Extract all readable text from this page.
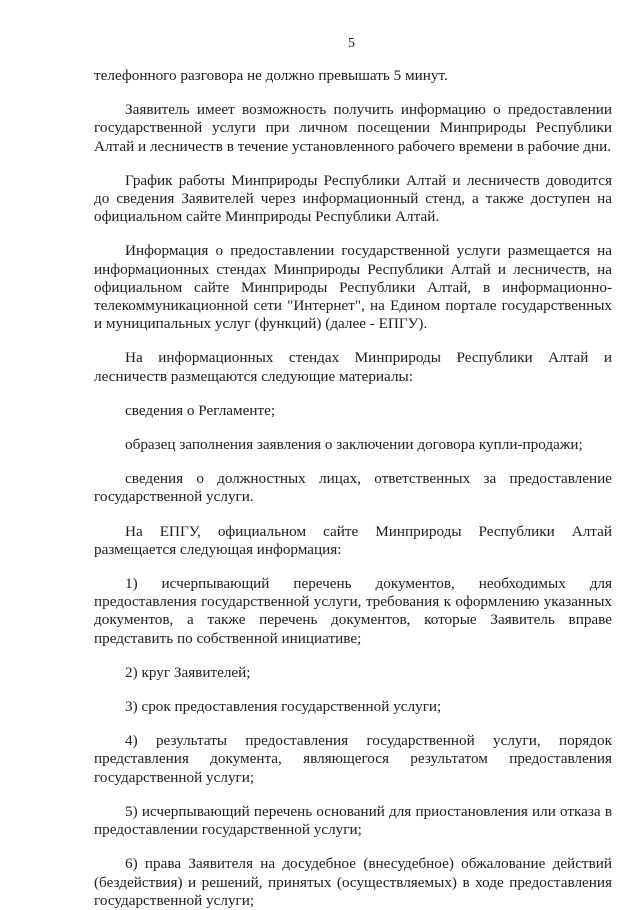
5

телефонного разговора не должно превышать 5 минут.

Заявитель имеет возможность получить информацию о предоставлении государственной услуги при личном посещении Минприроды Республики Алтай и лесничеств в течение установленного рабочего времени в рабочие дни.

График работы Минприроды Республики Алтай и лесничеств доводится до сведения Заявителей через информационный стенд, а также доступен на официальном сайте Минприроды Республики Алтай.

Информация о предоставлении государственной услуги размещается на информационных стендах Минприроды Республики Алтай и лесничеств, на официальном сайте Минприроды Республики Алтай, в информационно-телекоммуникационной сети "Интернет", на Едином портале государственных и муниципальных услуг (функций) (далее - ЕПГУ).

На информационных стендах Минприроды Республики Алтай и лесничеств размещаются следующие материалы:

сведения о Регламенте;

образец заполнения заявления о заключении договора купли-продажи;

сведения о должностных лицах, ответственных за предоставление государственной услуги.

На ЕПГУ, официальном сайте Минприроды Республики Алтай размещается следующая информация:

1) исчерпывающий перечень документов, необходимых для предоставления государственной услуги, требования к оформлению указанных документов, а также перечень документов, которые Заявитель вправе представить по собственной инициативе;

2) круг Заявителей;

3) срок предоставления государственной услуги;

4) результаты предоставления государственной услуги, порядок представления документа, являющегося результатом предоставления государственной услуги;

5) исчерпывающий перечень оснований для приостановления или отказа в предоставлении государственной услуги;

6) права Заявителя на досудебное (внесудебное) обжалование действий (бездействия) и решений, принятых (осуществляемых) в ходе предоставления государственной услуги;
